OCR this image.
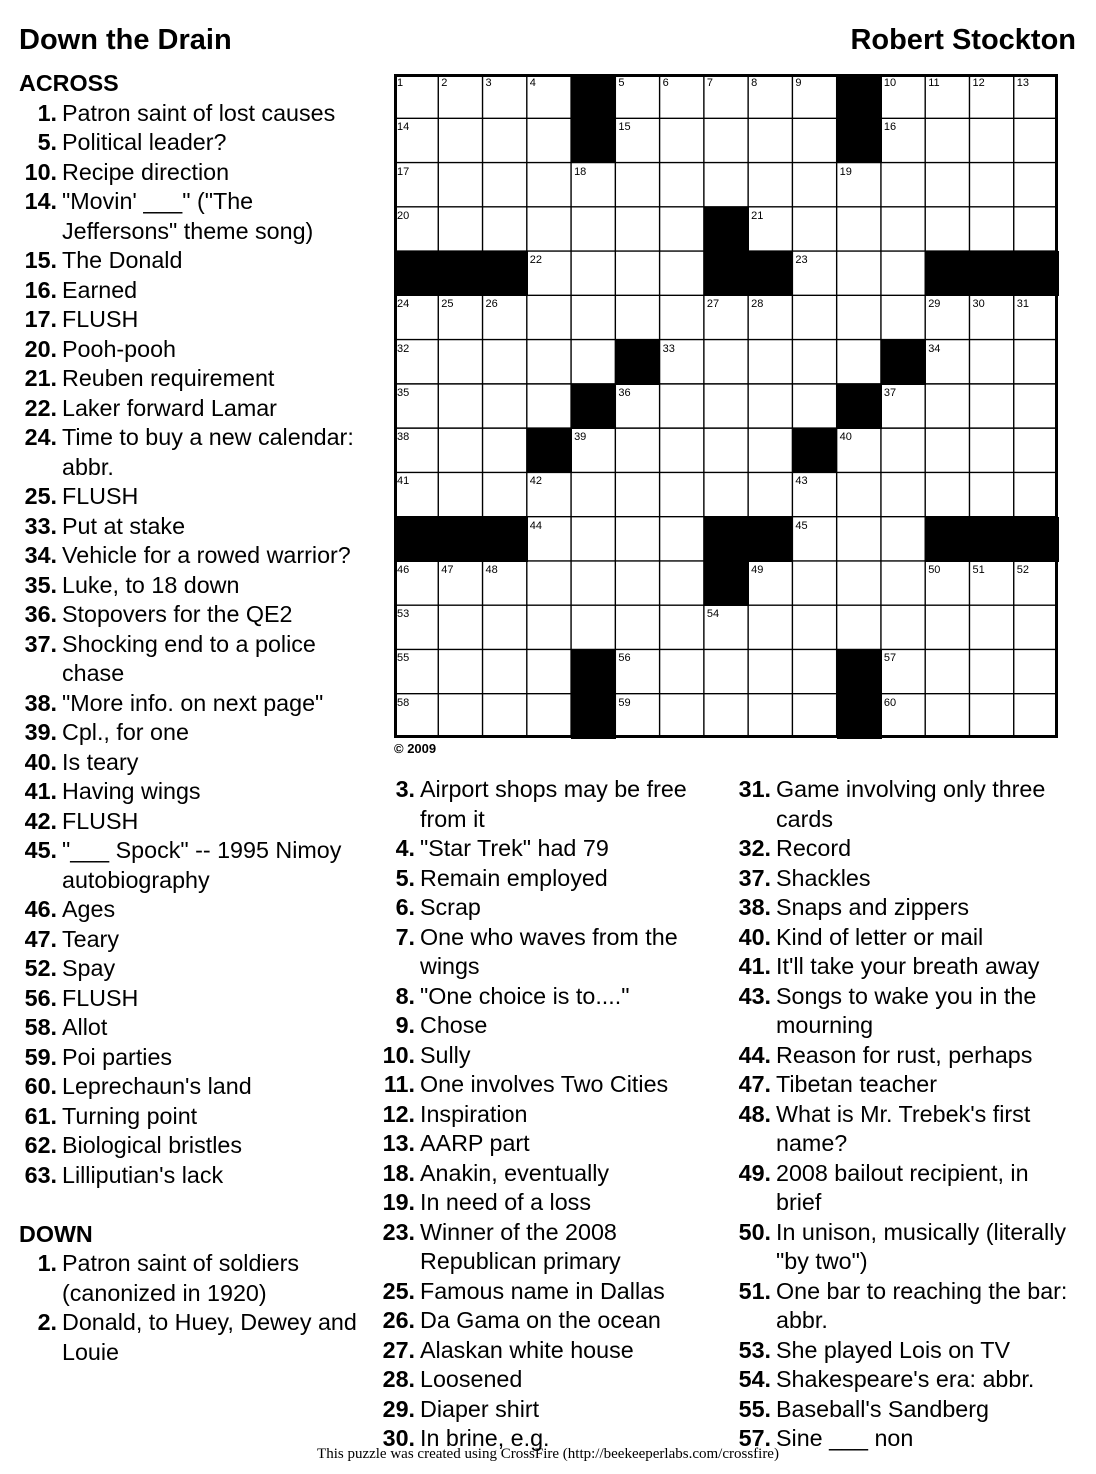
Down the Drain	Robert Stockton
ACROSS
1. Patron saint of lost causes
5. Political leader?
10. Recipe direction
14. "Movin' ___" ("The Jeffersons" theme song)
15. The Donald
16. Earned
17. FLUSH
20. Pooh-pooh
21. Reuben requirement
22. Laker forward Lamar
24. Time to buy a new calendar: abbr.
25. FLUSH
33. Put at stake
34. Vehicle for a rowed warrior?
35. Luke, to 18 down
36. Stopovers for the QE2
37. Shocking end to a police chase
38. "More info. on next page"
39. Cpl., for one
40. Is teary
41. Having wings
42. FLUSH
45. "___ Spock" -- 1995 Nimoy autobiography
46. Ages
47. Teary
52. Spay
56. FLUSH
58. Allot
59. Poi parties
60. Leprechaun's land
61. Turning point
62. Biological bristles
63. Lilliputian's lack
DOWN
1. Patron saint of soldiers (canonized in 1920)
2. Donald, to Huey, Dewey and Louie
3. Airport shops may be free from it
4. "Star Trek" had 79
5. Remain employed
6. Scrap
7. One who waves from the wings
8. "One choice is to...."
9. Chose
10. Sully
11. One involves Two Cities
12. Inspiration
13. AARP part
18. Anakin, eventually
19. In need of a loss
23. Winner of the 2008 Republican primary
25. Famous name in Dallas
26. Da Gama on the ocean
27. Alaskan white house
28. Loosened
29. Diaper shirt
30. In brine, e.g.
31. Game involving only three cards
32. Record
37. Shackles
38. Snaps and zippers
40. Kind of letter or mail
41. It'll take your breath away
43. Songs to wake you in the mourning
44. Reason for rust, perhaps
47. Tibetan teacher
48. What is Mr. Trebek's first name?
49. 2008 bailout recipient, in brief
50. In unison, musically (literally "by two")
51. One bar to reaching the bar: abbr.
53. She played Lois on TV
54. Shakespeare's era: abbr.
55. Baseball's Sandberg
57. Sine ___ non
1	2	3	4	5	6	7	8	9	10	11	12	13
14	15	16
17	18	19
20	21
22	23
24	25	26	27	28	29	30	31
32	33	34
35	36	37
38	39	40
41	42	43
44	45
46	47	48	49	50	51	52
53	54
55	56	57
58	59	60
© 2009
This puzzle was created using CrossFire (http://beekeeperlabs.com/crossfire)
